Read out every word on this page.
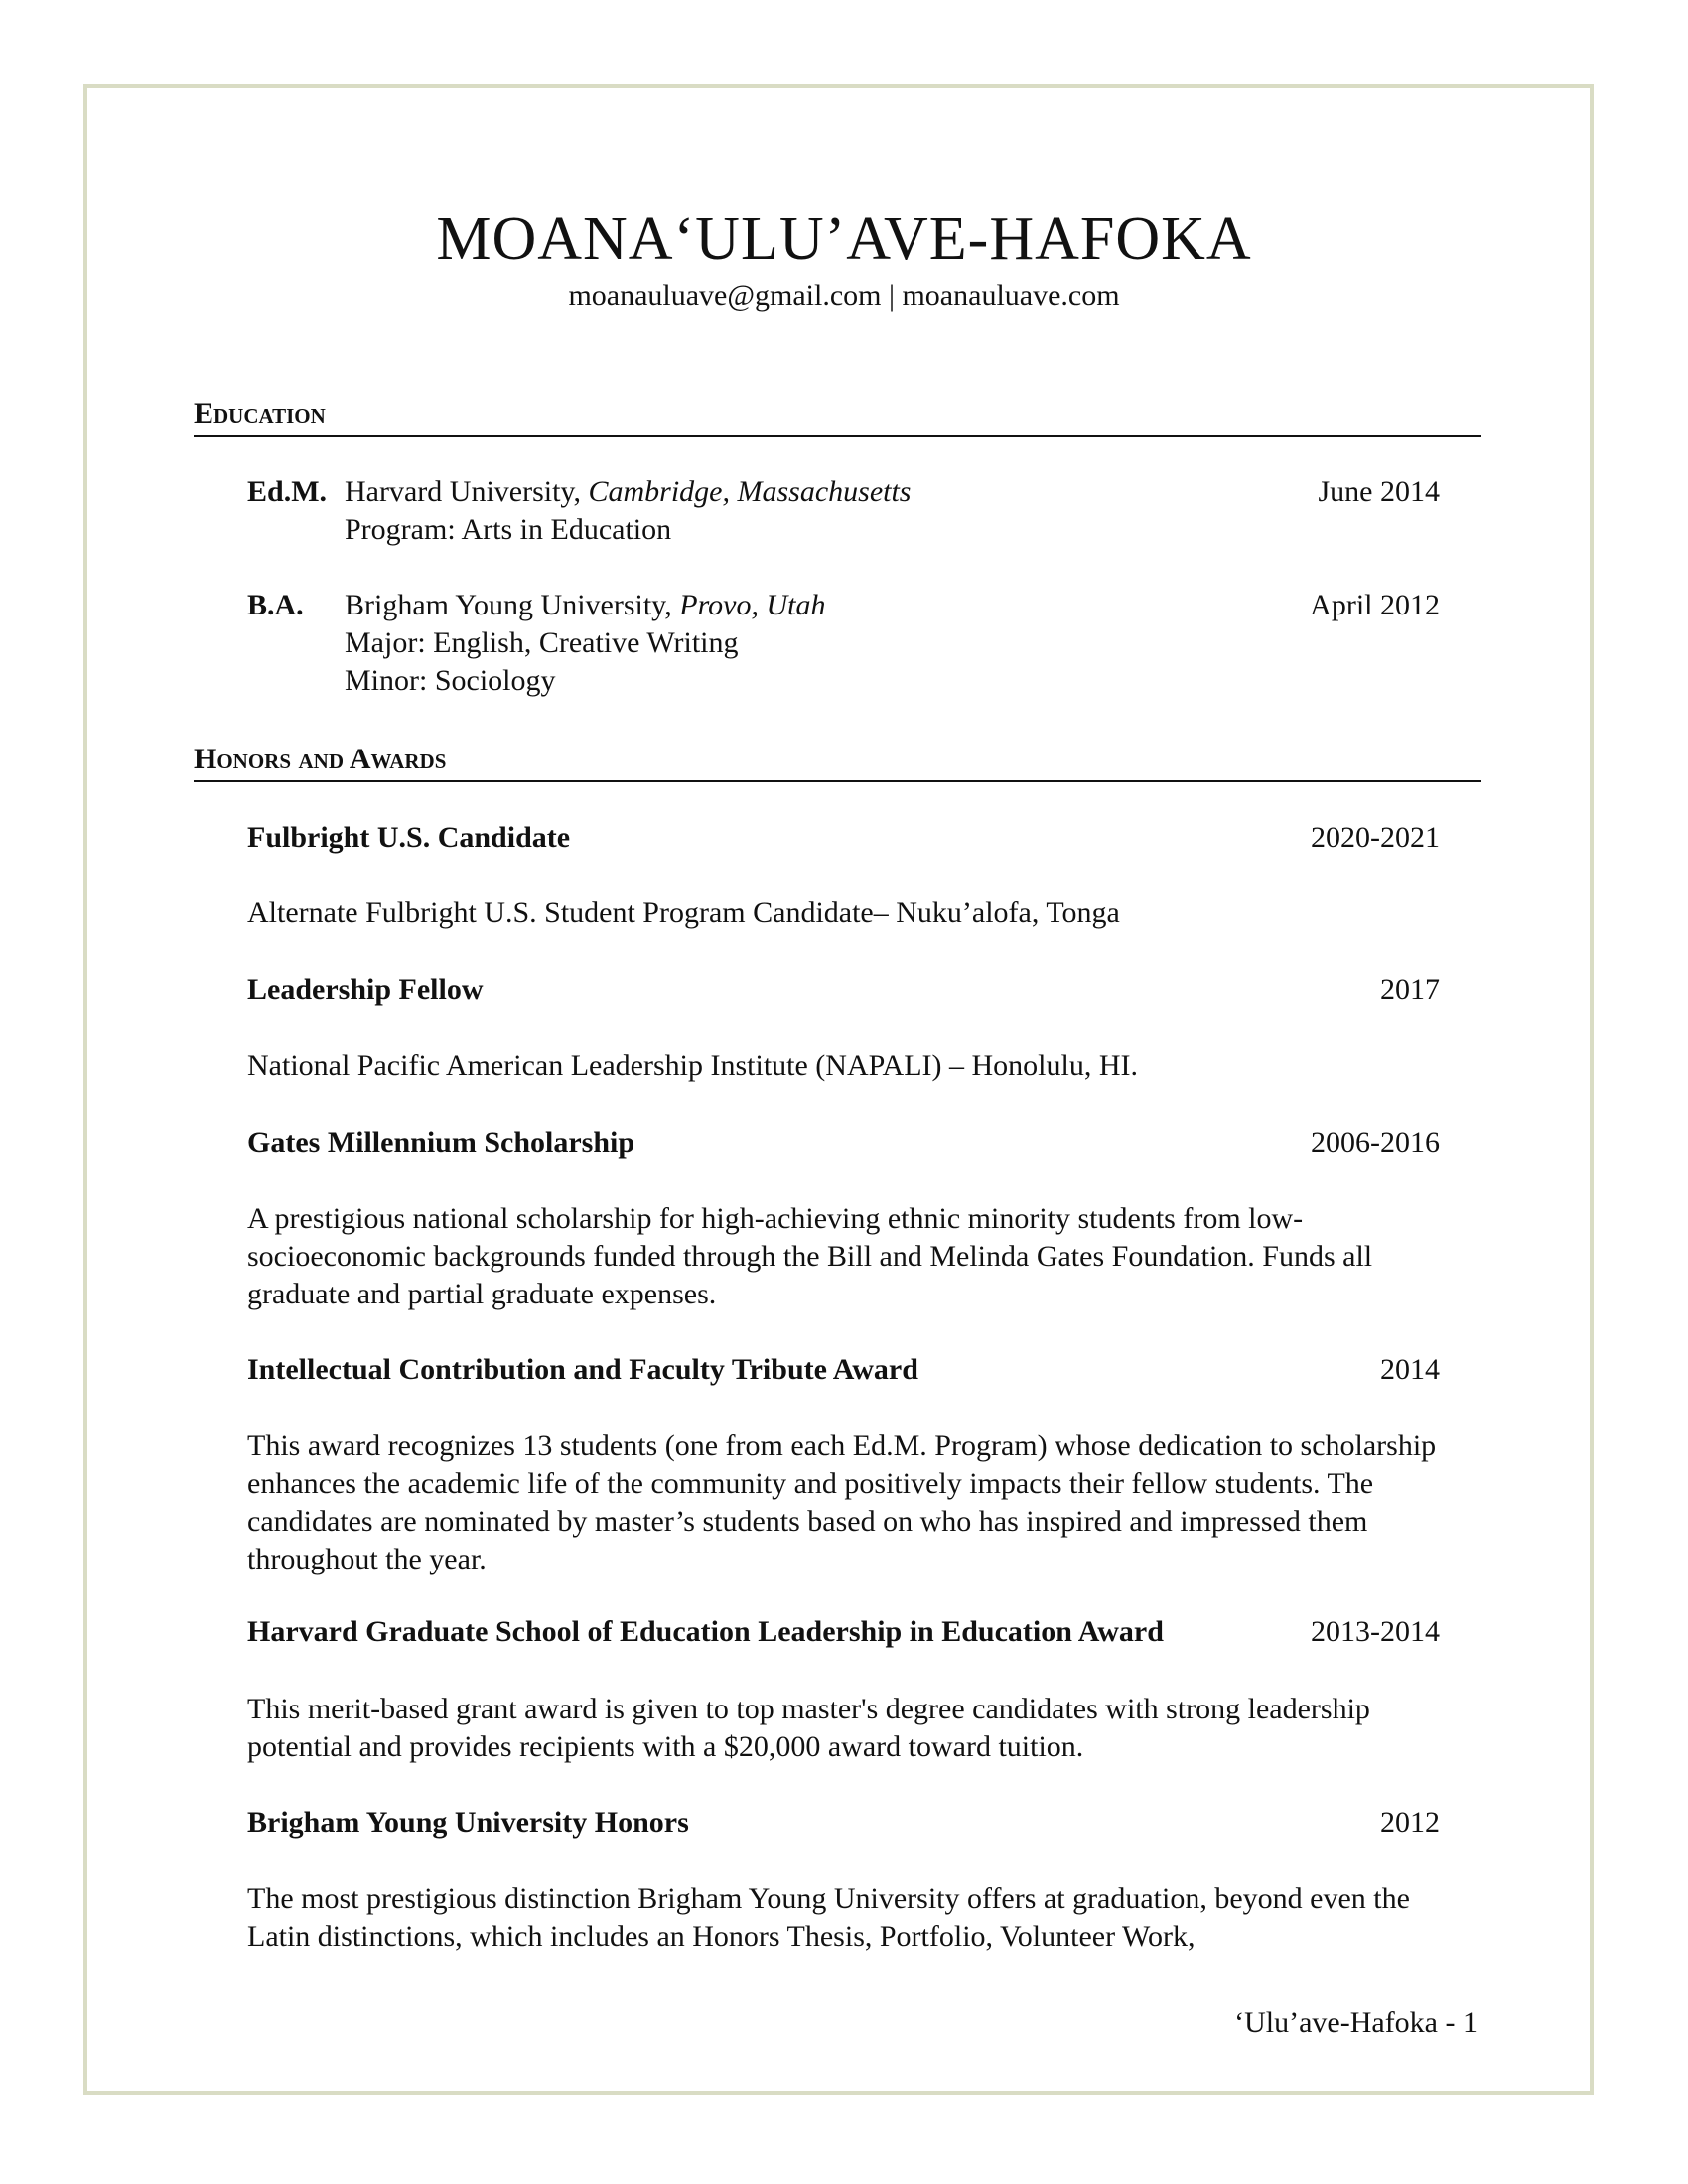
MOANA‘ULU’AVE-HAFOKA
moanauluave@gmail.com | moanauluave.com
Education
Ed.M. Harvard University, Cambridge, Massachusetts	June 2014
Program: Arts in Education
B.A. Brigham Young University, Provo, Utah	April 2012
Major: English, Creative Writing
Minor: Sociology
Honors and Awards
Fulbright U.S. Candidate	2020-2021
Alternate Fulbright U.S. Student Program Candidate– Nuku’alofa, Tonga
Leadership Fellow	2017
National Pacific American Leadership Institute (NAPALI) – Honolulu, HI.
Gates Millennium Scholarship	2006-2016
A prestigious national scholarship for high-achieving ethnic minority students from low-socioeconomic backgrounds funded through the Bill and Melinda Gates Foundation. Funds all graduate and partial graduate expenses.
Intellectual Contribution and Faculty Tribute Award	2014
This award recognizes 13 students (one from each Ed.M. Program) whose dedication to scholarship enhances the academic life of the community and positively impacts their fellow students. The candidates are nominated by master’s students based on who has inspired and impressed them throughout the year.
Harvard Graduate School of Education Leadership in Education Award	2013-2014
This merit-based grant award is given to top master's degree candidates with strong leadership potential and provides recipients with a $20,000 award toward tuition.
Brigham Young University Honors	2012
The most prestigious distinction Brigham Young University offers at graduation, beyond even the Latin distinctions, which includes an Honors Thesis, Portfolio, Volunteer Work,
‘Ulu’ave-Hafoka - 1
